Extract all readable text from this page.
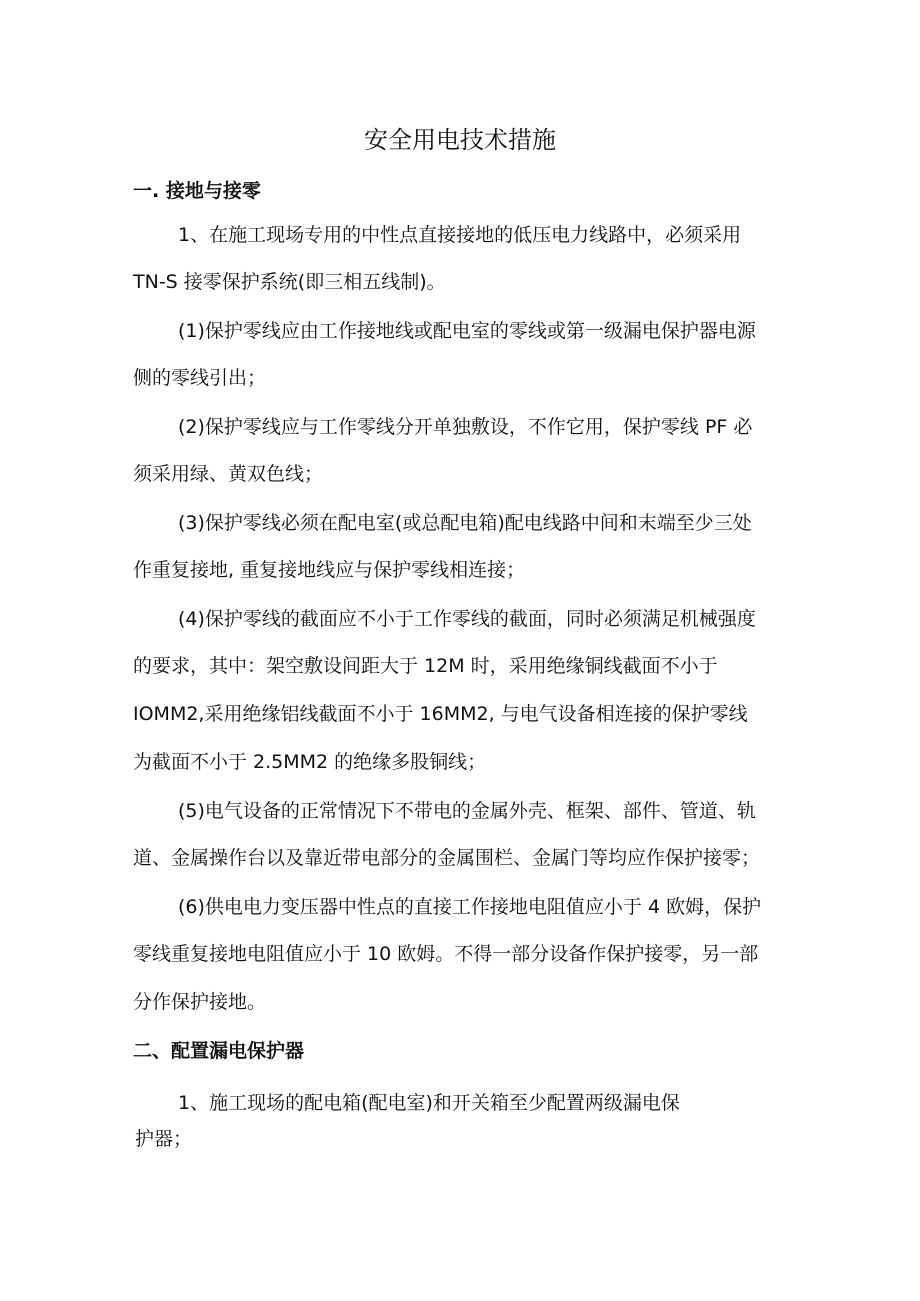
安全用电技术措施
一. 接地与接零
1、在施工现场专用的中性点直接接地的低压电力线路中，必须采用
TN-S 接零保护系统(即三相五线制)。
(1)保护零线应由工作接地线或配电室的零线或第一级漏电保护器电源
侧的零线引出；
(2)保护零线应与工作零线分开单独敷设，不作它用，保护零线 PF 必
须采用绿、黄双色线；
(3)保护零线必须在配电室(或总配电箱)配电线路中间和末端至少三处
作重复接地, 重复接地线应与保护零线相连接；
(4)保护零线的截面应不小于工作零线的截面，同时必须满足机械强度
的要求，其中：架空敷设间距大于 12M 时，采用绝缘铜线截面不小于
IOMM2,采用绝缘铝线截面不小于 16MM2, 与电气设备相连接的保护零线
为截面不小于 2.5MM2 的绝缘多股铜线；
(5)电气设备的正常情况下不带电的金属外壳、框架、部件、管道、轨
道、金属操作台以及靠近带电部分的金属围栏、金属门等均应作保护接零；
(6)供电电力变压器中性点的直接工作接地电阻值应小于 4 欧姆，保护
零线重复接地电阻值应小于 10 欧姆。不得一部分设备作保护接零，另一部
分作保护接地。
二、配置漏电保护器
1、施工现场的配电箱(配电室)和开关箱至少配置两级漏电保
护器；
